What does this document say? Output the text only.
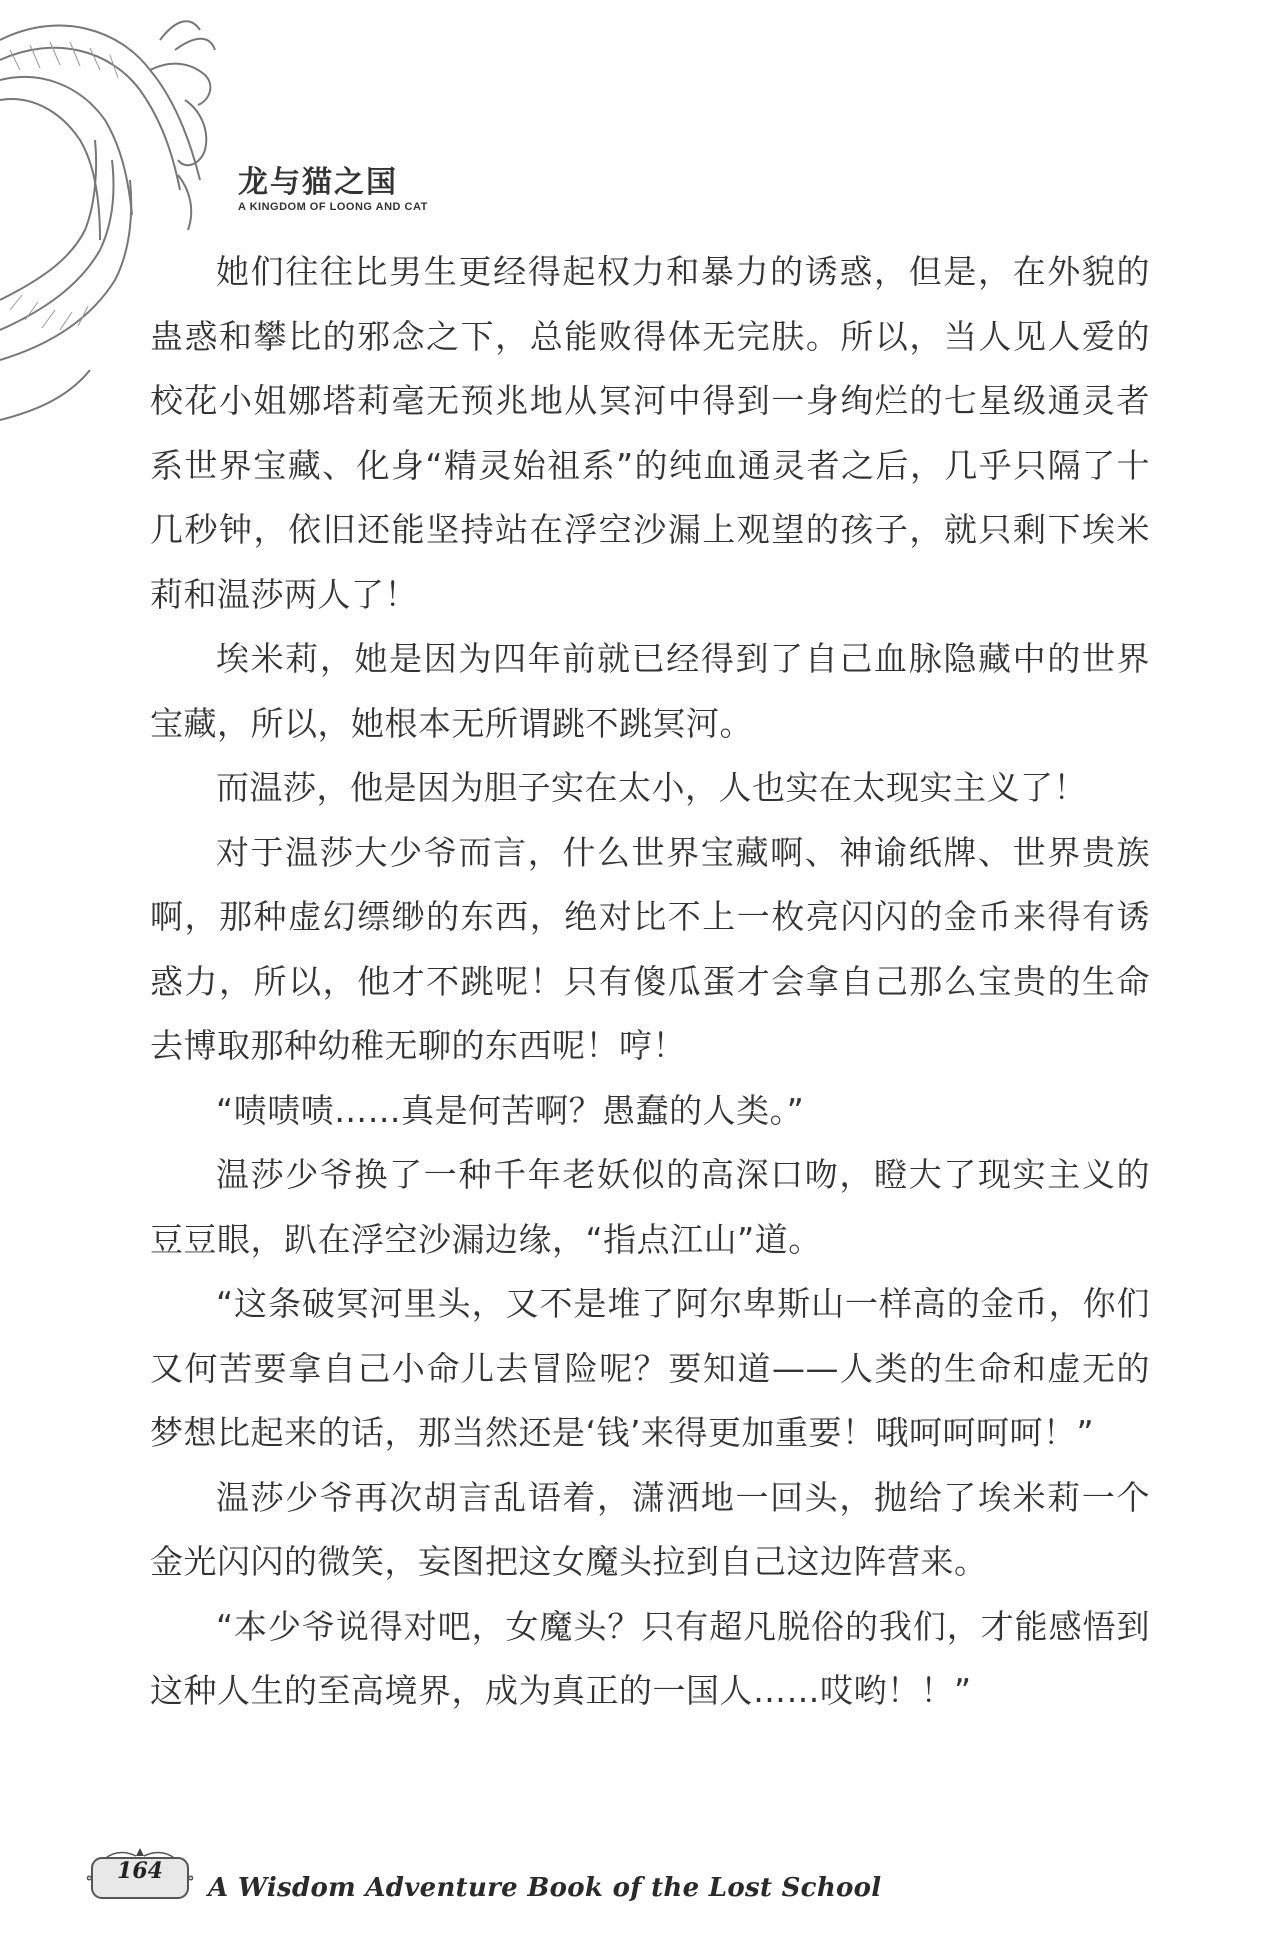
龙与猫之国
A KINGDOM OF LOONG AND CAT

她们往往比男生更经得起权力和暴力的诱惑，但是，在外貌的蛊惑和攀比的邪念之下，总能败得体无完肤。所以，当人见人爱的校花小姐娜塔莉毫无预兆地从冥河中得到一身绚烂的七星级通灵者系世界宝藏、化身“精灵始祖系”的纯血通灵者之后，几乎只隔了十几秒钟，依旧还能坚持站在浮空沙漏上观望的孩子，就只剩下埃米莉和温莎两人了！

埃米莉，她是因为四年前就已经得到了自己血脉隐藏中的世界宝藏，所以，她根本无所谓跳不跳冥河。

而温莎，他是因为胆子实在太小，人也实在太现实主义了！

对于温莎大少爷而言，什么世界宝藏啊、神谕纸牌、世界贵族啊，那种虚幻缥缈的东西，绝对比不上一枚亮闪闪的金币来得有诱惑力，所以，他才不跳呢！只有傻瓜蛋才会拿自己那么宝贵的生命去博取那种幼稚无聊的东西呢！哼！

“啧啧啧……真是何苦啊？愚蠢的人类。”

温莎少爷换了一种千年老妖似的高深口吻，瞪大了现实主义的豆豆眼，趴在浮空沙漏边缘，“指点江山”道。

“这条破冥河里头，又不是堆了阿尔卑斯山一样高的金币，你们又何苦要拿自己小命儿去冒险呢？要知道——人类的生命和虚无的梦想比起来的话，那当然还是‘钱’来得更加重要！哦呵呵呵呵！”

温莎少爷再次胡言乱语着，潇洒地一回头，抛给了埃米莉一个金光闪闪的微笑，妄图把这女魔头拉到自己这边阵营来。

“本少爷说得对吧，女魔头？只有超凡脱俗的我们，才能感悟到这种人生的至高境界，成为真正的一国人……哎哟！！”

164
A Wisdom Adventure Book of the Lost School
